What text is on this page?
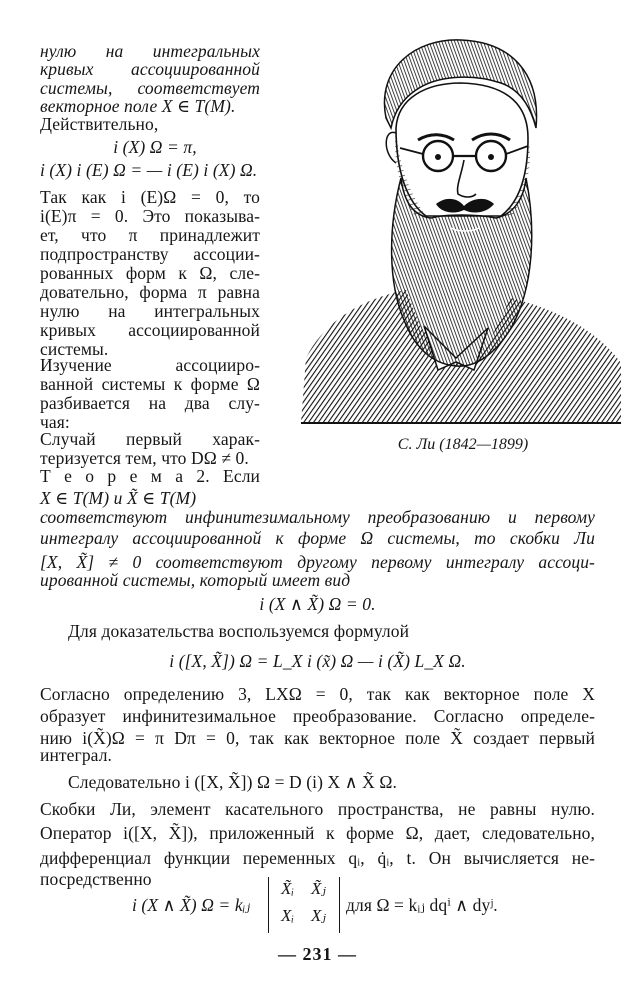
нулю на интегральных
кривых ассоциированной
системы, соответствует
векторное поле X ∈ T(M).
Действительно,
i (X) Ω = π,
i (X) i (E) Ω = — i (E) i (X) Ω.
Так как i (E)Ω = 0, то
i(E)π = 0. Это показыва-
ет, что π принадлежит
подпространству ассоции-
рованных форм к Ω, сле-
довательно, форма π равна
нулю на интегральных
кривых ассоциированной
системы.
Изучение ассоцииро-
ванной системы к форме Ω
разбивается на два слу-
чая:
Случай первый харак-
теризуется тем, что DΩ ≠ 0.
Т е о р е м а 2. Если
X ∈ T(M) и X̃ ∈ T(M)
С. Ли (1842—1899)
соответствуют инфинитезимальному преобразованию и первому
интегралу ассоциированной к форме Ω системы, то скобки Ли
[X, X̃] ≠ 0 соответствуют другому первому интегралу ассоци-
ированной системы, который имеет вид
i (X ∧ X̃) Ω = 0.
Для доказательства воспользуемся формулой
i ([X, X̃]) Ω = L_X i (x̃) Ω — i (X̃) L_X Ω.
Согласно определению 3, LXΩ = 0, так как векторное поле X
образует инфинитезимальное преобразование. Согласно определе-
нию i(X̃)Ω = π Dπ = 0, так как векторное поле X̃ создает первый
интеграл.
Следовательно i ([X, X̃]) Ω = D (i) X ∧ X̃ Ω.
Скобки Ли, элемент касательного пространства, не равны нулю.
Оператор i([X, X̃]), приложенный к форме Ω, дает, следовательно,
дифференциал функции переменных qᵢ, q̇ᵢ, t. Он вычисляется не-
посредственно
i (X ∧ X̃) Ω = kᵢⱼ
X̃ᵢ X̃ⱼ
Xᵢ Xⱼ
для Ω = kᵢⱼ dqⁱ ∧ dyʲ.
— 231 —
